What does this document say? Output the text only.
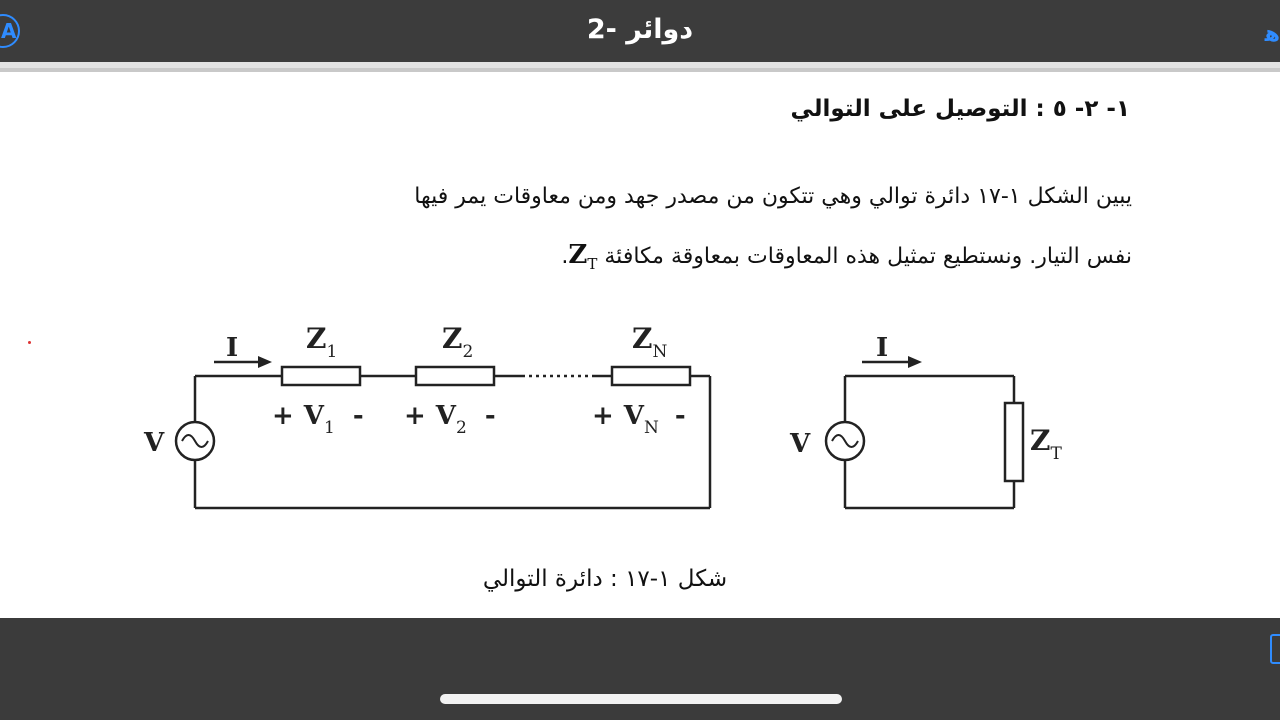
A	دوائر -2	ﻫ
١- ٢- ٥ : التوصيل على التوالي
يبين الشكل ١-١٧ دائرة توالي وهي تتكون من مصدر جهد ومن معاوقات يمر فيها
نفس التيار. ونستطيع تمثيل هذه المعاوقات بمعاوقة مكافئة $Z_T$.
I
V
$Z_1$	$Z_2$	$Z_N$
+ $V_1$ - + $V_2$ -	+ $V_N$ -
I
V	$Z_T$
شكل ١-١٧ : دائرة التوالي
